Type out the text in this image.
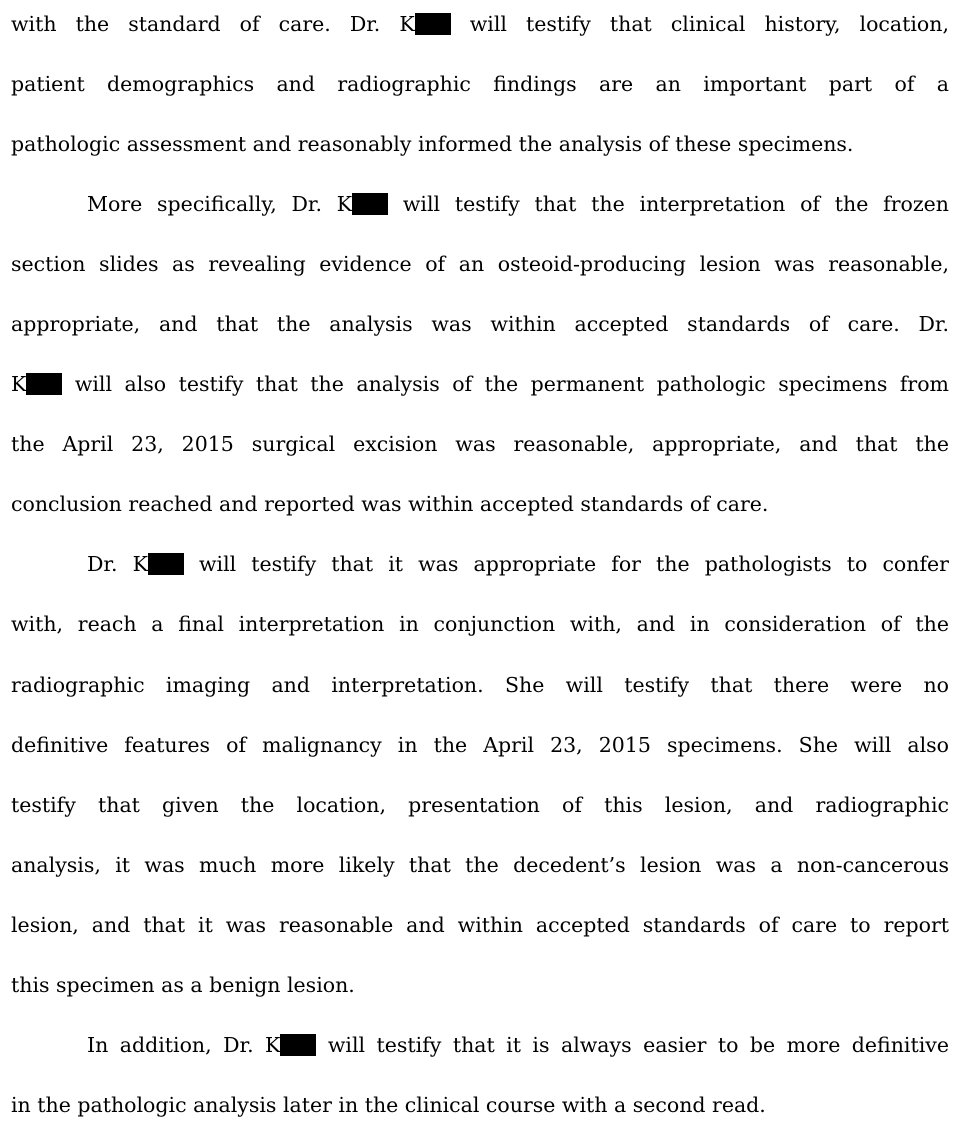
with the standard of care. Dr. K	will testify that clinical history, location,
patient demographics and radiographic findings are an important part of a
pathologic assessment and reasonably informed the analysis of these specimens.
More specifically, Dr. K will testify that the interpretation of the frozen
section slides as revealing evidence of an osteoid-producing lesion was reasonable,
appropriate, and that the analysis was within accepted standards of care. Dr.
K will also testify that the analysis of the permanent pathologic specimens from
the April 23, 2015 surgical excision was reasonable, appropriate, and that the
conclusion reached and reported was within accepted standards of care.
Dr. K will testify that it was appropriate for the pathologists to confer
with, reach a final interpretation in conjunction with, and in consideration of the
radiographic imaging and interpretation. She will testify that there were no
definitive features of malignancy in the April 23, 2015 specimens. She will also
testify that given the location, presentation of this lesion, and radiographic
analysis, it was much more likely that the decedent’s lesion was a non-cancerous
lesion, and that it was reasonable and within accepted standards of care to report
this specimen as a benign lesion.
In addition, Dr. K will testify that it is always easier to be more definitive
in the pathologic analysis later in the clinical course with a second read.
